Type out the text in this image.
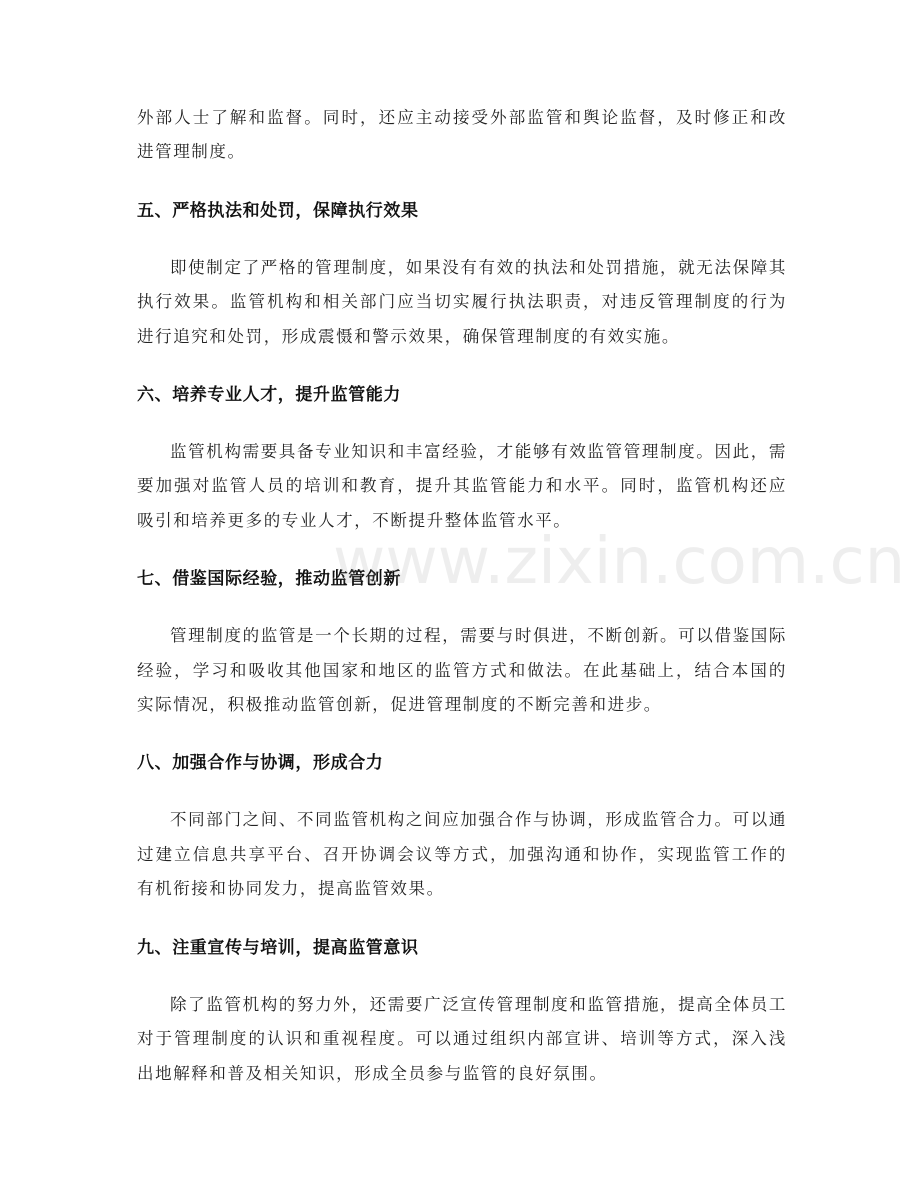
外部人士了解和监督。同时，还应主动接受外部监管和舆论监督，及时修正和改进管理制度。

五、严格执法和处罚，保障执行效果

即使制定了严格的管理制度，如果没有有效的执法和处罚措施，就无法保障其执行效果。监管机构和相关部门应当切实履行执法职责，对违反管理制度的行为进行追究和处罚，形成震慑和警示效果，确保管理制度的有效实施。

六、培养专业人才，提升监管能力

监管机构需要具备专业知识和丰富经验，才能够有效监管管理制度。因此，需要加强对监管人员的培训和教育，提升其监管能力和水平。同时，监管机构还应吸引和培养更多的专业人才，不断提升整体监管水平。

七、借鉴国际经验，推动监管创新

管理制度的监管是一个长期的过程，需要与时俱进，不断创新。可以借鉴国际经验，学习和吸收其他国家和地区的监管方式和做法。在此基础上，结合本国的实际情况，积极推动监管创新，促进管理制度的不断完善和进步。

八、加强合作与协调，形成合力

不同部门之间、不同监管机构之间应加强合作与协调，形成监管合力。可以通过建立信息共享平台、召开协调会议等方式，加强沟通和协作，实现监管工作的有机衔接和协同发力，提高监管效果。

九、注重宣传与培训，提高监管意识

除了监管机构的努力外，还需要广泛宣传管理制度和监管措施，提高全体员工对于管理制度的认识和重视程度。可以通过组织内部宣讲、培训等方式，深入浅出地解释和普及相关知识，形成全员参与监管的良好氛围。

www.zixin.com.cn
